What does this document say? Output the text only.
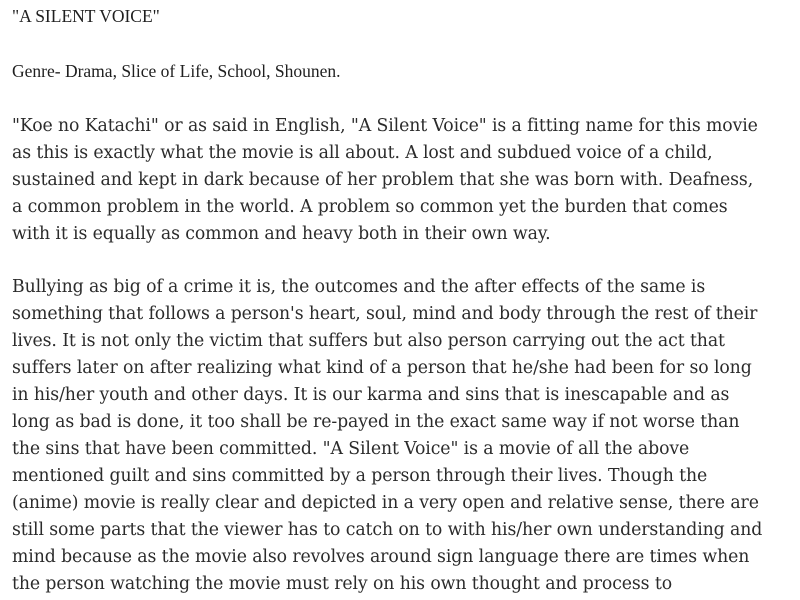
"A SILENT VOICE"
Genre- Drama, Slice of Life, School, Shounen.

"Koe no Katachi" or as said in English, "A Silent Voice" is a fitting name for this movie
as this is exactly what the movie is all about. A lost and subdued voice of a child,
sustained and kept in dark because of her problem that she was born with. Deafness,
a common problem in the world. A problem so common yet the burden that comes
with it is equally as common and heavy both in their own way.

Bullying as big of a crime it is, the outcomes and the after effects of the same is
something that follows a person's heart, soul, mind and body through the rest of their
lives. It is not only the victim that suffers but also person carrying out the act that
suffers later on after realizing what kind of a person that he/she had been for so long
in his/her youth and other days. It is our karma and sins that is inescapable and as
long as bad is done, it too shall be re-payed in the exact same way if not worse than
the sins that have been committed. "A Silent Voice" is a movie of all the above
mentioned guilt and sins committed by a person through their lives. Though the
(anime) movie is really clear and depicted in a very open and relative sense, there are
still some parts that the viewer has to catch on to with his/her own understanding and
mind because as the movie also revolves around sign language there are times when
the person watching the movie must rely on his own thought and process to
